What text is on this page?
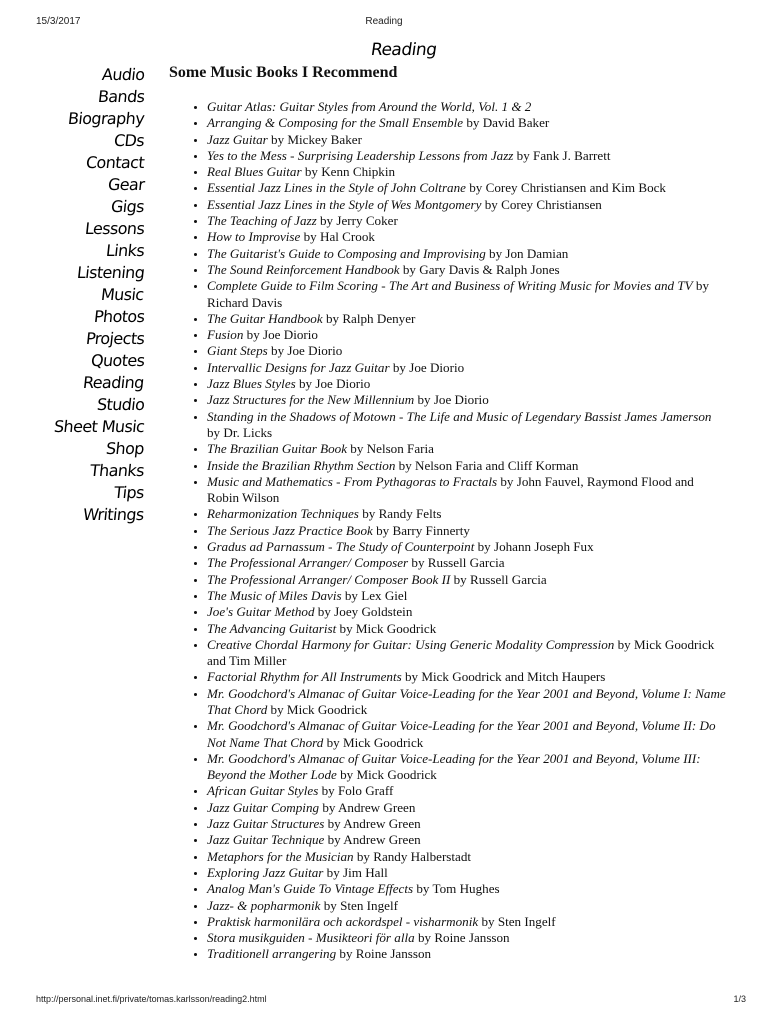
15/3/2017	Reading
Reading
Audio
Bands
Biography
CDs
Contact
Gear
Gigs
Lessons
Links
Listening
Music
Photos
Projects
Quotes
Reading
Studio
Sheet Music
Shop
Thanks
Tips
Writings
Some Music Books I Recommend
• Guitar Atlas: Guitar Styles from Around the World, Vol. 1 & 2
• Arranging & Composing for the Small Ensemble by David Baker
• Jazz Guitar by Mickey Baker
• Yes to the Mess - Surprising Leadership Lessons from Jazz by Fank J. Barrett
• Real Blues Guitar by Kenn Chipkin
• Essential Jazz Lines in the Style of John Coltrane by Corey Christiansen and Kim Bock
• Essential Jazz Lines in the Style of Wes Montgomery by Corey Christiansen
• The Teaching of Jazz by Jerry Coker
• How to Improvise by Hal Crook
• The Guitarist's Guide to Composing and Improvising by Jon Damian
• The Sound Reinforcement Handbook by Gary Davis & Ralph Jones
• Complete Guide to Film Scoring - The Art and Business of Writing Music for Movies and TV by Richard Davis
• The Guitar Handbook by Ralph Denyer
• Fusion by Joe Diorio
• Giant Steps by Joe Diorio
• Intervallic Designs for Jazz Guitar by Joe Diorio
• Jazz Blues Styles by Joe Diorio
• Jazz Structures for the New Millennium by Joe Diorio
• Standing in the Shadows of Motown - The Life and Music of Legendary Bassist James Jamerson by Dr. Licks
• The Brazilian Guitar Book by Nelson Faria
• Inside the Brazilian Rhythm Section by Nelson Faria and Cliff Korman
• Music and Mathematics - From Pythagoras to Fractals by John Fauvel, Raymond Flood and Robin Wilson
• Reharmonization Techniques by Randy Felts
• The Serious Jazz Practice Book by Barry Finnerty
• Gradus ad Parnassum - The Study of Counterpoint by Johann Joseph Fux
• The Professional Arranger/ Composer by Russell Garcia
• The Professional Arranger/ Composer Book II by Russell Garcia
• The Music of Miles Davis by Lex Giel
• Joe's Guitar Method by Joey Goldstein
• The Advancing Guitarist by Mick Goodrick
• Creative Chordal Harmony for Guitar: Using Generic Modality Compression by Mick Goodrick and Tim Miller
• Factorial Rhythm for All Instruments by Mick Goodrick and Mitch Haupers
• Mr. Goodchord's Almanac of Guitar Voice-Leading for the Year 2001 and Beyond, Volume I: Name That Chord by Mick Goodrick
• Mr. Goodchord's Almanac of Guitar Voice-Leading for the Year 2001 and Beyond, Volume II: Do Not Name That Chord by Mick Goodrick
• Mr. Goodchord's Almanac of Guitar Voice-Leading for the Year 2001 and Beyond, Volume III: Beyond the Mother Lode by Mick Goodrick
• African Guitar Styles by Folo Graff
• Jazz Guitar Comping by Andrew Green
• Jazz Guitar Structures by Andrew Green
• Jazz Guitar Technique by Andrew Green
• Metaphors for the Musician by Randy Halberstadt
• Exploring Jazz Guitar by Jim Hall
• Analog Man's Guide To Vintage Effects by Tom Hughes
• Jazz- & popharmonik by Sten Ingelf
• Praktisk harmonilära och ackordspel - visharmonik by Sten Ingelf
• Stora musikguiden - Musikteori för alla by Roine Jansson
• Traditionell arrangering by Roine Jansson
http://personal.inet.fi/private/tomas.karlsson/reading2.html	1/3
